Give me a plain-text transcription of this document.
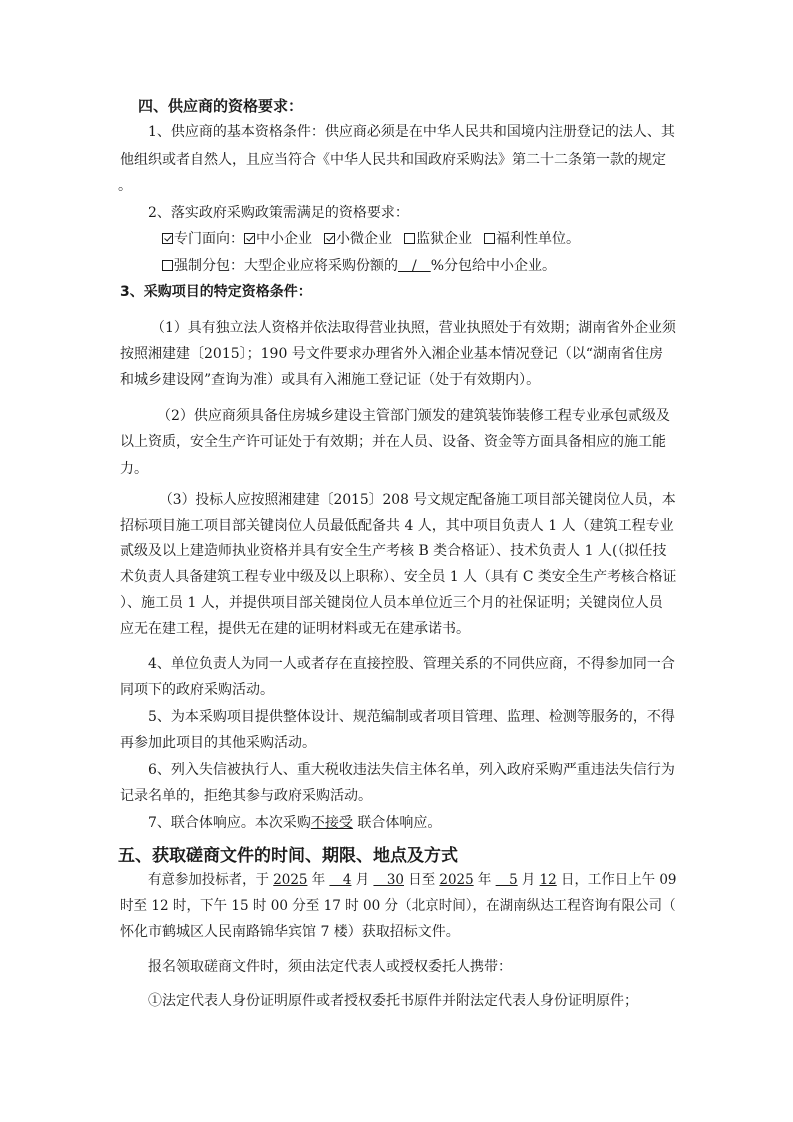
四、供应商的资格要求：
1、供应商的基本资格条件：供应商必须是在中华人民共和国境内注册登记的法人、其
他组织或者自然人，且应当符合《中华人民共和国政府采购法》第二十二条第一款的规定
。
2、落实政府采购政策需满足的资格要求：
专门面向： 中小企业 小微企业 监狱企业 福利性单位。
强制分包：大型企业应将采购份额的　/　%分包给中小企业。
3、采购项目的特定资格条件：
（1）具有独立法人资格并依法取得营业执照，营业执照处于有效期；湖南省外企业须
按照湘建建〔2015〕；190 号文件要求办理省外入湘企业基本情况登记（以“湖南省住房
和城乡建设网”查询为准）或具有入湘施工登记证（处于有效期内）。
（2）供应商须具备住房城乡建设主管部门颁发的建筑装饰装修工程专业承包贰级及
以上资质，安全生产许可证处于有效期；并在人员、设备、资金等方面具备相应的施工能
力。
（3）投标人应按照湘建建〔2015〕208 号文规定配备施工项目部关键岗位人员，本
招标项目施工项目部关键岗位人员最低配备共 4 人，其中项目负责人 1 人（建筑工程专业
贰级及以上建造师执业资格并具有安全生产考核 B 类合格证）、技术负责人 1 人(（拟任技
术负责人具备建筑工程专业中级及以上职称）、安全员 1 人（具有 C 类安全生产考核合格证
）、施工员 1 人，并提供项目部关键岗位人员本单位近三个月的社保证明；关键岗位人员
应无在建工程，提供无在建的证明材料或无在建承诺书。
4、单位负责人为同一人或者存在直接控股、管理关系的不同供应商，不得参加同一合
同项下的政府采购活动。
5、为本采购项目提供整体设计、规范编制或者项目管理、监理、检测等服务的，不得
再参加此项目的其他采购活动。
6、列入失信被执行人、重大税收违法失信主体名单，列入政府采购严重违法失信行为
记录名单的，拒绝其参与政府采购活动。
7、联合体响应。本次采购不接受 联合体响应。
五、获取磋商文件的时间、期限、地点及方式
有意参加投标者，于 2025 年 　4 月 　30 日至 2025 年 　5 月 12 日，工作日上午 09
时至 12 时，下午 15 时 00 分至 17 时 00 分（北京时间），在湖南纵达工程咨询有限公司（
怀化市鹤城区人民南路锦华宾馆 7 楼）获取招标文件。
报名领取磋商文件时，须由法定代表人或授权委托人携带：
①法定代表人身份证明原件或者授权委托书原件并附法定代表人身份证明原件；
